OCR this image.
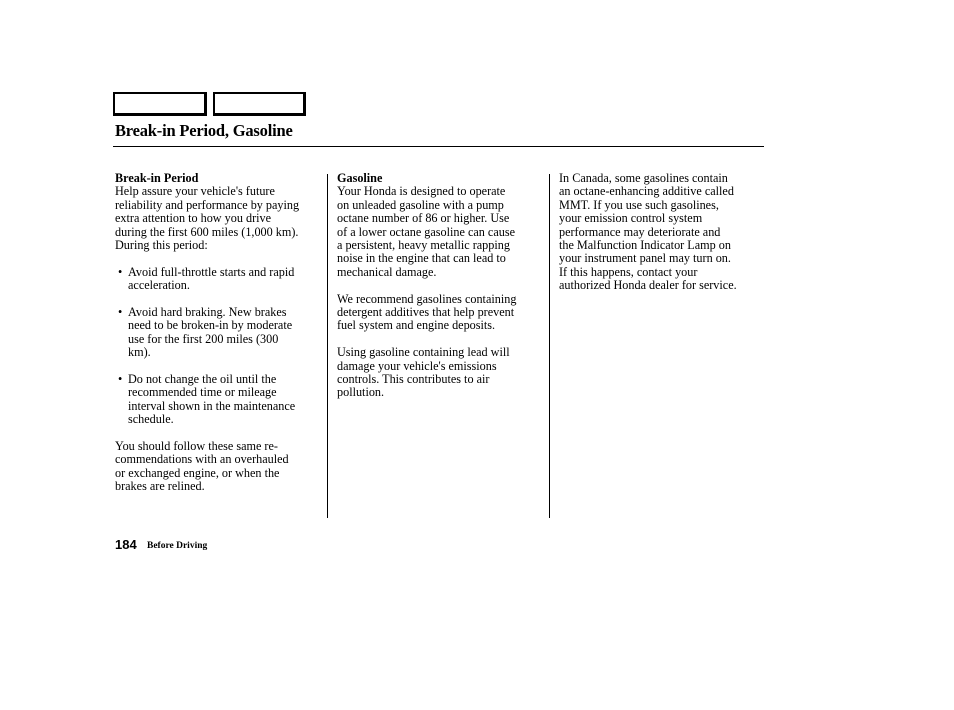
Break-in Period, Gasoline
Break-in Period

Help assure your vehicle's future
reliability and performance by paying
extra attention to how you drive
during the first 600 miles (1,000 km).
During this period:

• Avoid full-throttle starts and rapid
acceleration.
• Avoid hard braking. New brakes
need to be broken-in by moderate
use for the first 200 miles (300
km).
• Do not change the oil until the
recommended time or mileage
interval shown in the maintenance
schedule.

You should follow these same re-
commendations with an overhauled
or exchanged engine, or when the
brakes are relined.

Gasoline

Your Honda is designed to operate
on unleaded gasoline with a pump
octane number of 86 or higher. Use
of a lower octane gasoline can cause
a persistent, heavy metallic rapping
noise in the engine that can lead to
mechanical damage.

We recommend gasolines containing
detergent additives that help prevent
fuel system and engine deposits.

Using gasoline containing lead will
damage your vehicle's emissions
controls. This contributes to air
pollution.

In Canada, some gasolines contain
an octane-enhancing additive called
MMT. If you use such gasolines,
your emission control system
performance may deteriorate and
the Malfunction Indicator Lamp on
your instrument panel may turn on.
If this happens, contact your
authorized Honda dealer for service.

184 Before Driving
